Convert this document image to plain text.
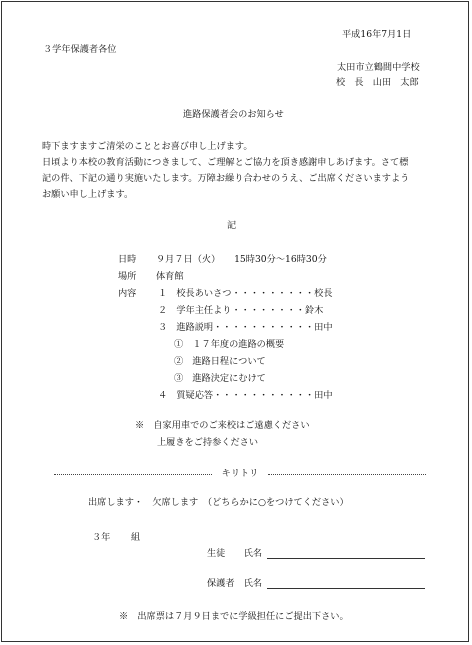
平成16年7月1日
３学年保護者各位
太田市立鶴間中学校
校　長　山田　太郎
進路保護者会のお知らせ
時下ますますご清栄のこととお喜び申し上げます。
日頃より本校の教育活動につきまして、ご理解とご協力を頂き感謝申しあげます。さて標
記の件、下記の通り実施いたします。万障お繰り合わせのうえ、ご出席くださいますよう
お願い申し上げます。
記
日時 ９月７日（火）　　15時30分〜16時30分
場所 体育館
内容 １　校長あいさつ・・・・・・・・・校長
２　学年主任より・・・・・・・・鈴木
３　進路説明・・・・・・・・・・・田中
①　１７年度の進路の概要
②　進路日程について
③　進路決定にむけて
４　質疑応答・・・・・・・・・・・田中
※　自家用車でのご来校はご遠慮ください
上履きをご持参ください
キリトリ
出席します・　欠席します　（どちらかに○をつけてください）
３年 組
生徒　　氏名
保護者　氏名
※　出席票は７月９日までに学級担任にご提出下さい。
